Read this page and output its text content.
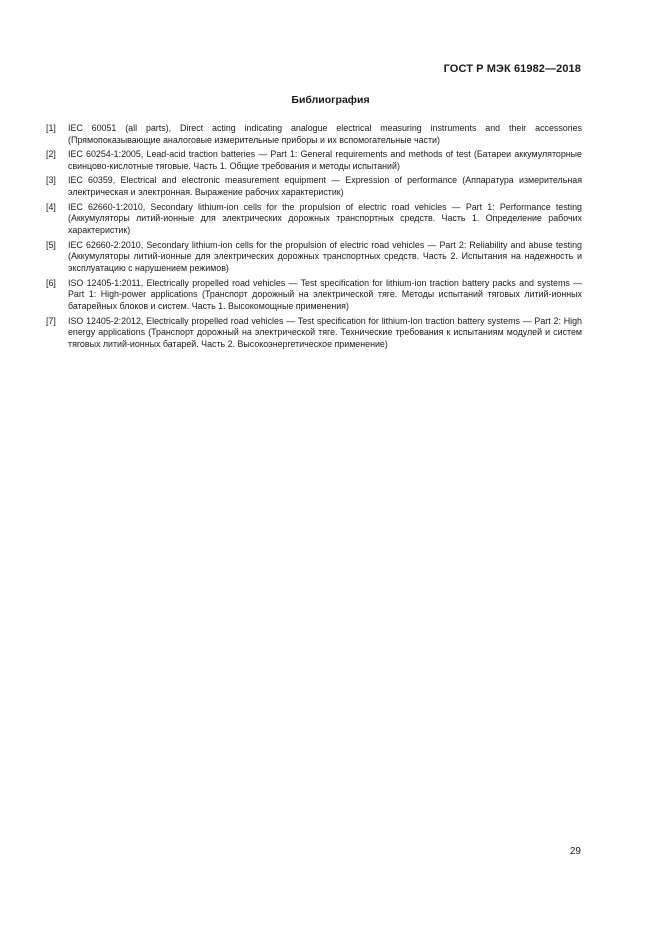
ГОСТ Р МЭК 61982—2018
Библиография
[1]	IEC 60051 (all parts), Direct acting indicating analogue electrical measuring instruments and their accessories (Прямопоказывающие аналоговые измерительные приборы и их вспомогательные части)
[2]	IEC 60254-1:2005, Lead-acid traction batteries — Part 1: General requirements and methods of test (Батареи аккумуляторные свинцово-кислотные тяговые. Часть 1. Общие требования и методы испытаний)
[3]	IEC 60359, Electrical and electronic measurement equipment — Expression of performance (Аппаратура измерительная электрическая и электронная. Выражение рабочих характеристик)
[4]	IEC 62660-1:2010, Secondary lithium-ion cells for the propulsion of electric road vehicles — Part 1: Performance testing (Аккумуляторы литий-ионные для электрических дорожных транспортных средств. Часть 1. Определение рабочих характеристик)
[5]	IEC 62660-2:2010, Secondary lithium-ion cells for the propulsion of electric road vehicles — Part 2: Reliability and abuse testing (Аккумуляторы литий-ионные для электрических дорожных транспортных средств. Часть 2. Испытания на надежность и эксплуатацию с нарушением режимов)
[6]	ISO 12405-1:2011, Electrically propelled road vehicles — Test specification for lithium-ion traction battery packs and systems — Part 1: High-power applications (Транспорт дорожный на электрической тяге. Методы испытаний тяговых литий-ионных батарейных блоков и систем. Часть 1. Высокомощные применения)
[7]	ISO 12405-2:2012, Electrically propelled road vehicles — Test specification for lithium-Ion traction battery systems — Part 2: High energy applications (Транспорт дорожный на электрической тяге. Технические требования к испытаниям модулей и систем тяговых литий-ионных батарей. Часть 2. Высокоэнергетическое применение)
29
